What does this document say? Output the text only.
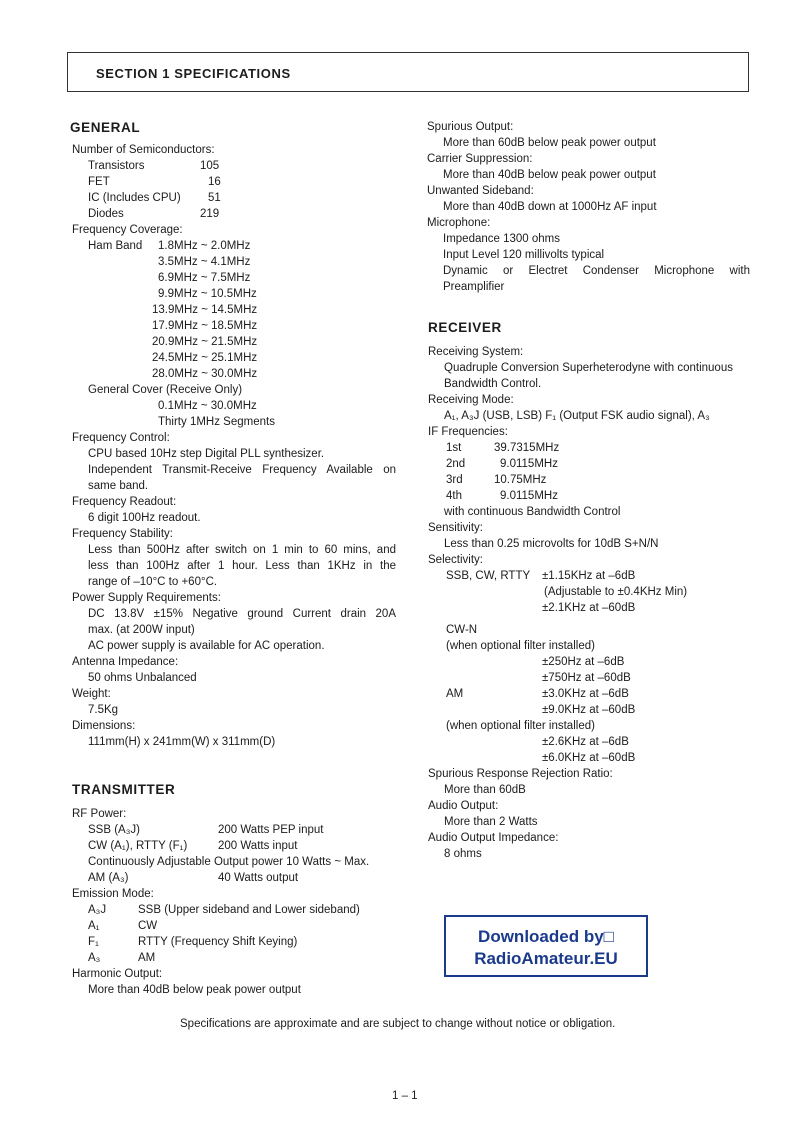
SECTION 1 SPECIFICATIONS
GENERAL
Number of Semiconductors:
Transistors	105
FET	16
IC (Includes CPU) 51
Diodes	219
Frequency Coverage:
Ham Band 1.8MHz ~ 2.0MHz
3.5MHz ~ 4.1MHz
6.9MHz ~ 7.5MHz
9.9MHz ~ 10.5MHz
13.9MHz ~ 14.5MHz
17.9MHz ~ 18.5MHz
20.9MHz ~ 21.5MHz
24.5MHz ~ 25.1MHz
28.0MHz ~ 30.0MHz
General Cover (Receive Only)
0.1MHz ~ 30.0MHz
Thirty 1MHz Segments
Frequency Control:
CPU based 10Hz step Digital PLL synthesizer.
Independent Transmit-Receive Frequency Available on
same band.
Frequency Readout:
6 digit 100Hz readout.
Frequency Stability:
Less than 500Hz after switch on 1 min to 60 mins, and
less than 100Hz after 1 hour. Less than 1KHz in the
range of –10°C to +60°C.
Power Supply Requirements:
DC 13.8V ±15% Negative ground Current drain 20A
max. (at 200W input)
AC power supply is available for AC operation.
Antenna Impedance:
50 ohms Unbalanced
Weight:
7.5Kg
Dimensions:
111mm(H) x 241mm(W) x 311mm(D)
TRANSMITTER
RF Power:
SSB (A₃J)	200 Watts PEP input
CW (A₁), RTTY (F₁)	200 Watts input
Continuously Adjustable Output power 10 Watts ~ Max.
AM (A₃)	40 Watts output
Emission Mode:
A₃J	SSB (Upper sideband and Lower sideband)
A₁	CW
F₁	RTTY (Frequency Shift Keying)
A₃	AM
Harmonic Output:
More than 40dB below peak power output
Spurious Output:
More than 60dB below peak power output
Carrier Suppression:
More than 40dB below peak power output
Unwanted Sideband:
More than 40dB down at 1000Hz AF input
Microphone:
Impedance 1300 ohms
Input Level 120 millivolts typical
Dynamic or Electret Condenser Microphone with
Preamplifier
RECEIVER
Receiving System:
Quadruple Conversion Superheterodyne with continuous
Bandwidth Control.
Receiving Mode:
A₁, A₃J (USB, LSB) F₁ (Output FSK audio signal), A₃
IF Frequencies:
1st	39.7315MHz
2nd	9.0115MHz
3rd	10.75MHz
4th	9.0115MHz
with continuous Bandwidth Control
Sensitivity:
Less than 0.25 microvolts for 10dB S+N/N
Selectivity:
SSB, CW, RTTY ±1.15KHz at –6dB
(Adjustable to ±0.4KHz Min)
±2.1KHz at –60dB
CW-N
(when optional filter installed)
±250Hz at –6dB
±750Hz at –60dB
AM	±3.0KHz at –6dB
±9.0KHz at –60dB
(when optional filter installed)
±2.6KHz at –6dB
±6.0KHz at –60dB
Spurious Response Rejection Ratio:
More than 60dB
Audio Output:
More than 2 Watts
Audio Output Impedance:
8 ohms
Downloaded by□
RadioAmateur.EU
Specifications are approximate and are subject to change without notice or obligation.
1 – 1
